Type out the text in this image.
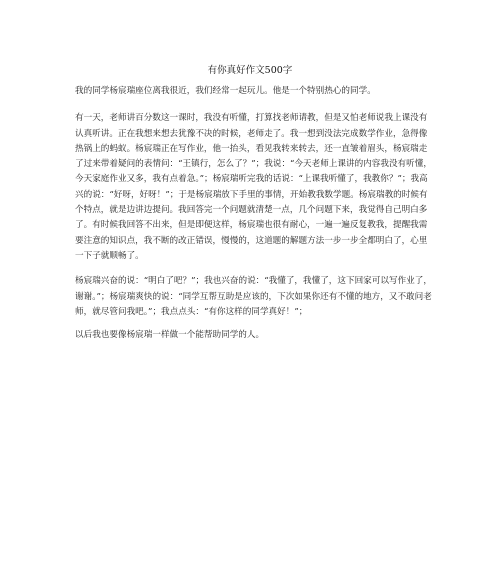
有你真好作文500字

我的同学杨宸瑞座位离我很近，我们经常一起玩儿。他是一个特别热心的同学。

有一天，老师讲百分数这一课时，我没有听懂，打算找老师请教，但是又怕老师说我上课没有认真听讲。正在我想来想去犹豫不决的时候，老师走了。我一想到没法完成数学作业，急得像热锅上的蚂蚁。杨宸瑞正在写作业，他一抬头，看见我转来转去，还一直皱着眉头，杨宸瑞走了过来带着疑问的表情问：“王镇行，怎么了？”；我说：“今天老师上课讲的内容我没有听懂，今天家庭作业又多，我有点着急。”；杨宸瑞听完我的话说：“上课我听懂了，我教你？”；我高兴的说：“好呀，好呀！”；于是杨宸瑞放下手里的事情，开始教我数学题。杨宸瑞教的时候有个特点，就是边讲边提问。我回答完一个问题就清楚一点，几个问题下来，我觉得自己明白多了。有时候我回答不出来，但是即便这样，杨宸瑞也很有耐心，一遍一遍反复教我，提醒我需要注意的知识点，我不断的改正错误，慢慢的，这道题的解题方法一步一步全都明白了，心里一下子就顺畅了。

杨宸瑞兴奋的说：“明白了吧？”；我也兴奋的说：“我懂了，我懂了，这下回家可以写作业了，谢谢。”；杨宸瑞爽快的说：“同学互帮互助是应该的，下次如果你还有不懂的地方，又不敢问老师，就尽管问我吧。”；我点点头：“有你这样的同学真好！”；

以后我也要像杨宸瑞一样做一个能帮助同学的人。
